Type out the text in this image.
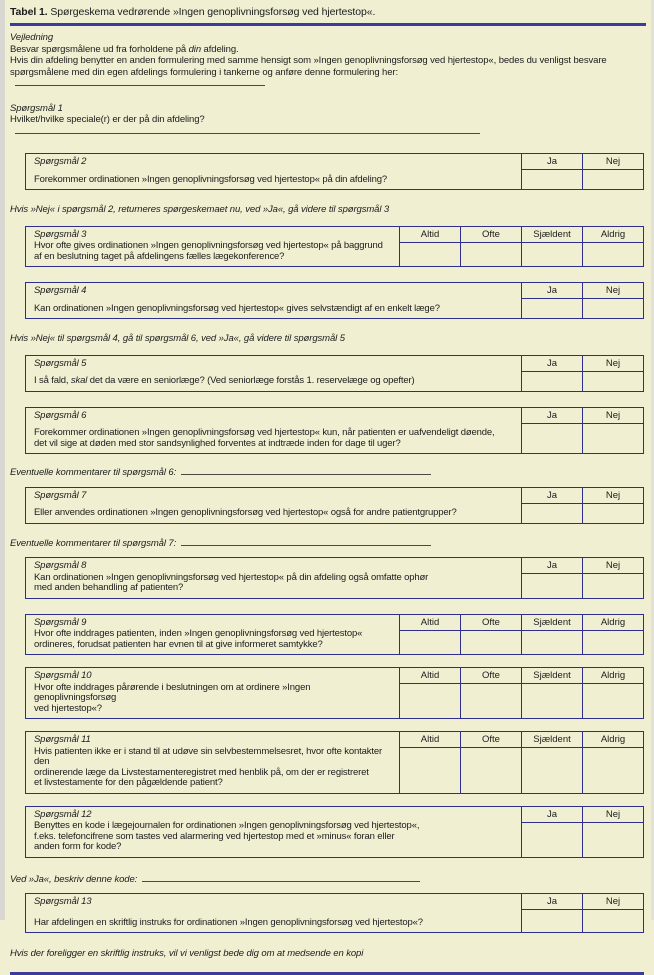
Tabel 1. Spørgeskema vedrørende »Ingen genoplivningsforsøg ved hjertestop«.
Vejledning
Besvar spørgsmålene ud fra forholdene på din afdeling.
Hvis din afdeling benytter en anden formulering med samme hensigt som »Ingen genoplivningsforsøg ved hjertestop«, bedes du venligst besvare
spørgsmålene med din egen afdelings formulering i tankerne og anføre denne formulering her:
Spørgsmål 1
Hvilket/hvilke speciale(r) er der på din afdeling?
Spørgsmål 2
Forekommer ordinationen »Ingen genoplivningsforsøg ved hjertestop« på din afdeling?
Ja	Nej
Hvis »Nej« i spørgsmål 2, returneres spørgeskemaet nu, ved »Ja«, gå videre til spørgsmål 3
Spørgsmål 3
Hvor ofte gives ordinationen »Ingen genoplivningsforsøg ved hjertestop« på baggrund
af en beslutning taget på afdelingens fælles lægekonference?
Altid	Ofte	Sjældent	Aldrig
Spørgsmål 4
Kan ordinationen »Ingen genoplivningsforsøg ved hjertestop« gives selvstændigt af en enkelt læge?
Ja	Nej
Hvis »Nej« til spørgsmål 4, gå til spørgsmål 6, ved »Ja«, gå videre til spørgsmål 5
Spørgsmål 5
I så fald, skal det da være en seniorlæge? (Ved seniorlæge forstås 1. reservelæge og opefter)
Ja	Nej
Spørgsmål 6
Forekommer ordinationen »Ingen genoplivningsforsøg ved hjertestop« kun, når patienten er uafvendeligt døende,
det vil sige at døden med stor sandsynlighed forventes at indtræde inden for dage til uger?
Ja	Nej
Eventuelle kommentarer til spørgsmål 6:
Spørgsmål 7
Eller anvendes ordinationen »Ingen genoplivningsforsøg ved hjertestop« også for andre patientgrupper?
Ja	Nej
Eventuelle kommentarer til spørgsmål 7:
Spørgsmål 8
Kan ordinationen »Ingen genoplivningsforsøg ved hjertestop« på din afdeling også omfatte ophør
med anden behandling af patienten?
Ja	Nej
Spørgsmål 9
Hvor ofte inddrages patienten, inden »Ingen genoplivningsforsøg ved hjertestop«
ordineres, forudsat patienten har evnen til at give informeret samtykke?
Altid	Ofte	Sjældent	Aldrig
Spørgsmål 10
Hvor ofte inddrages pårørende i beslutningen om at ordinere »Ingen genoplivningsforsøg
ved hjertestop«?
Altid	Ofte	Sjældent	Aldrig
Spørgsmål 11
Hvis patienten ikke er i stand til at udøve sin selvbestemmelsesret, hvor ofte kontakter den
ordinerende læge da Livstestamenteregistret med henblik på, om der er registreret
et livstestamente for den pågældende patient?
Altid	Ofte	Sjældent	Aldrig
Spørgsmål 12
Benyttes en kode i lægejournalen for ordinationen »Ingen genoplivningsforsøg ved hjertestop«,
f.eks. telefoncifrene som tastes ved alarmering ved hjertestop med et »minus« foran eller
anden form for kode?
Ja	Nej
Ved »Ja«, beskriv denne kode:
Spørgsmål 13
Har afdelingen en skriftlig instruks for ordinationen »Ingen genoplivningsforsøg ved hjertestop«?
Ja	Nej
Hvis der foreligger en skriftlig instruks, vil vi venligst bede dig om at medsende en kopi
